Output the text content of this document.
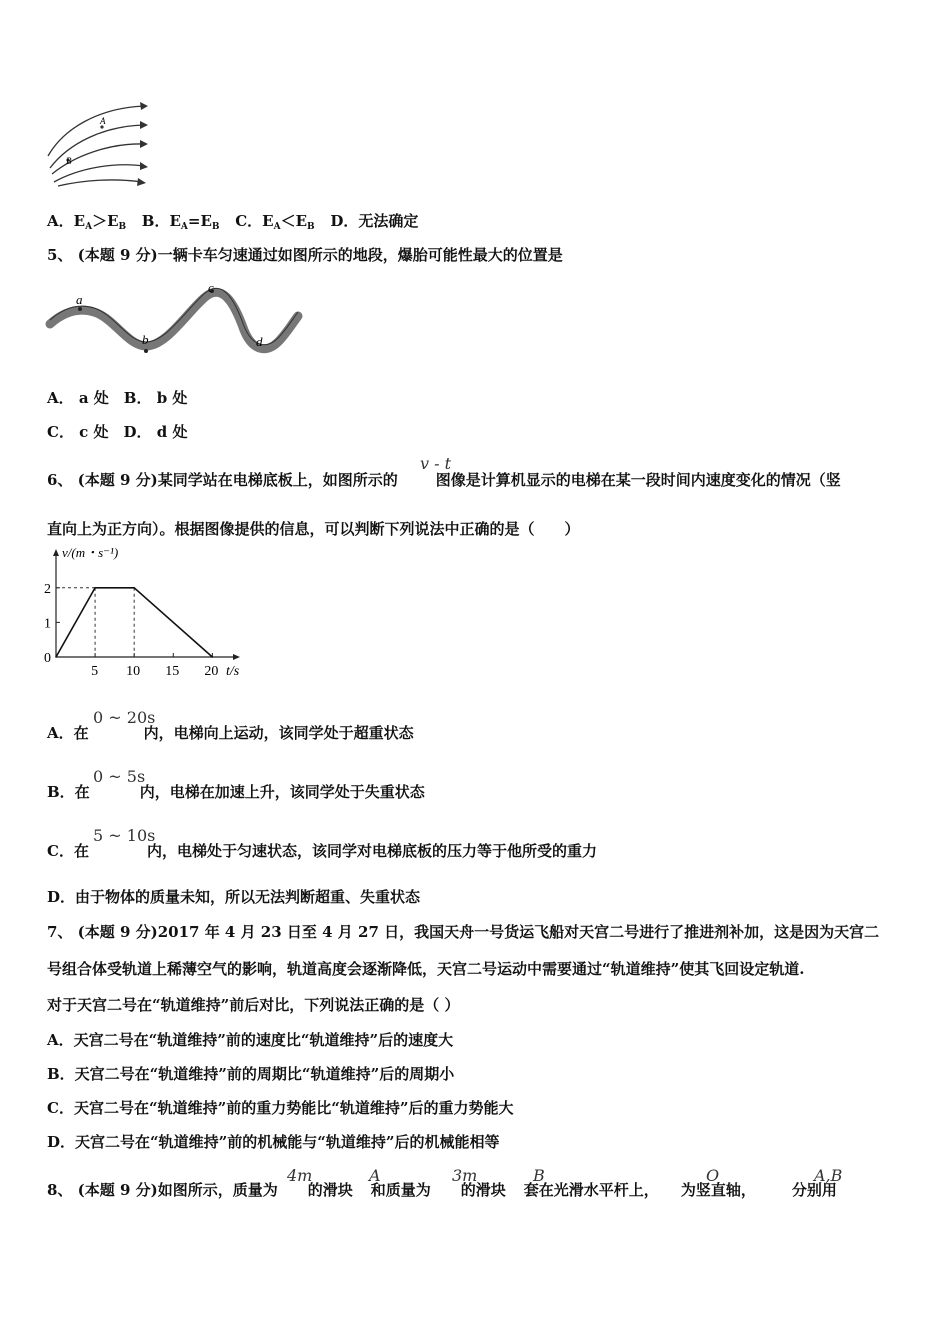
A
B
A．EA＞EB B．EA=EB C．EA＜EB D．无法确定
5、 (本题 9 分)一辆卡车匀速通过如图所示的地段，爆胎可能性最大的位置是
a
b
c
d
A． a 处　B． b 处
C． c 处　D． d 处
6、 (本题 9 分)某同学站在电梯底板上，如图所示的	图像是计算机显示的电梯在某一段时间内速度变化的情况（竖
v - t
直向上为正方向）。根据图像提供的信息，可以判断下列说法中正确的是（　　）
v/(m・s⁻¹)
t/s
0
5 10 15 20
1
2
A．在	内，电梯向上运动，该同学处于超重状态
0 ~ 20s
B．在	内，电梯在加速上升，该同学处于失重状态
0 ~ 5s
C．在	内，电梯处于匀速状态，该同学对电梯底板的压力等于他所受的重力
5 ~ 10s
D．由于物体的质量未知，所以无法判断超重、失重状态
7、 (本题 9 分)2017 年 4 月 23 日至 4 月 27 日，我国天舟一号货运飞船对天宫二号进行了推进剂补加，这是因为天宫二
号组合体受轨道上稀薄空气的影响，轨道高度会逐渐降低，天宫二号运动中需要通过“轨道维持”使其飞回设定轨道.
对于天宫二号在“轨道维持”前后对比，下列说法正确的是（ ）
A．天宫二号在“轨道维持”前的速度比“轨道维持”后的速度大
B．天宫二号在“轨道维持”前的周期比“轨道维持”后的周期小
C．天宫二号在“轨道维持”前的重力势能比“轨道维持”后的重力势能大
D．天宫二号在“轨道维持”前的机械能与“轨道维持”后的机械能相等
8、 (本题 9 分)如图所示，质量为 的滑块 和质量为 的滑块 套在光滑水平杆上， 为竖直轴， 分别用
4m	A	3m	B	O	A,B
